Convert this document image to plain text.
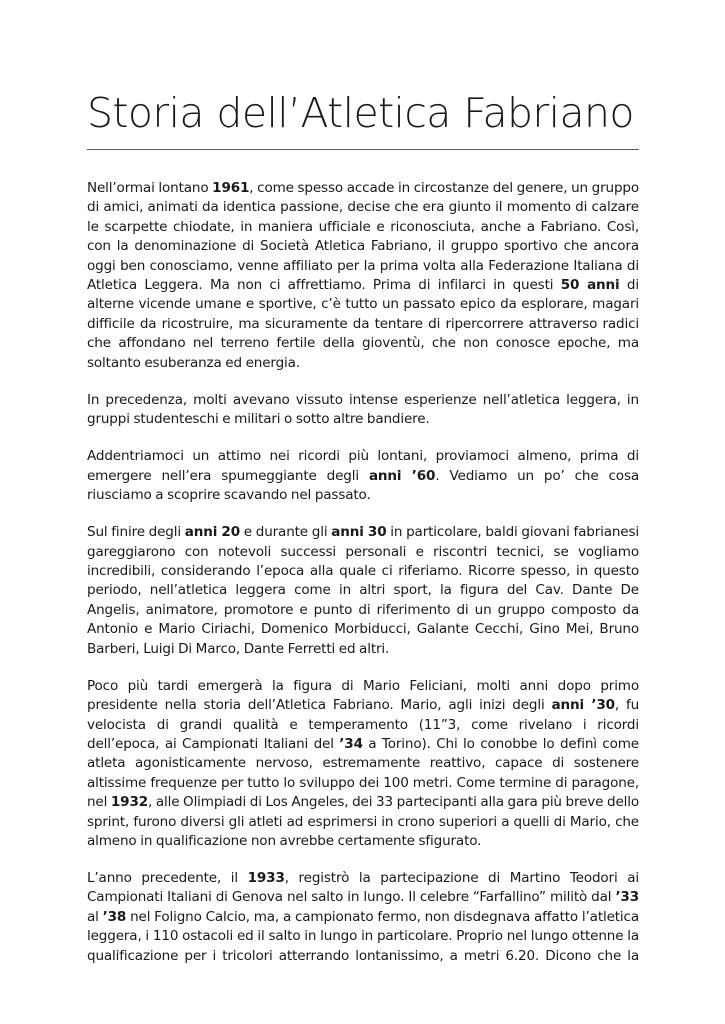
Storia dell’Atletica Fabriano

Nell’ormai lontano 1961, come spesso accade in circostanze del genere, un gruppo di amici, animati da identica passione, decise che era giunto il momento di calzare le scarpette chiodate, in maniera ufficiale e riconosciuta, anche a Fabriano. Così, con la denominazione di Società Atletica Fabriano, il gruppo sportivo che ancora oggi ben conosciamo, venne affiliato per la prima volta alla Federazione Italiana di Atletica Leggera. Ma non ci affrettiamo. Prima di infilarci in questi 50 anni di alterne vicende umane e sportive, c’è tutto un passato epico da esplorare, magari difficile da ricostruire, ma sicuramente da tentare di ripercorrere attraverso radici che affondano nel terreno fertile della gioventù, che non conosce epoche, ma soltanto esuberanza ed energia.

In precedenza, molti avevano vissuto intense esperienze nell’atletica leggera, in gruppi studenteschi e militari o sotto altre bandiere.

Addentriamoci un attimo nei ricordi più lontani, proviamoci almeno, prima di emergere nell’era spumeggiante degli anni ’60. Vediamo un po’ che cosa riusciamo a scoprire scavando nel passato.

Sul finire degli anni 20 e durante gli anni 30 in particolare, baldi giovani fabrianesi gareggiarono con notevoli successi personali e riscontri tecnici, se vogliamo incredibili, considerando l’epoca alla quale ci riferiamo. Ricorre spesso, in questo periodo, nell’atletica leggera come in altri sport, la figura del Cav. Dante De Angelis, animatore, promotore e punto di riferimento di un gruppo composto da Antonio e Mario Ciriachi, Domenico Morbiducci, Galante Cecchi, Gino Mei, Bruno Barberi, Luigi Di Marco, Dante Ferretti ed altri.

Poco più tardi emergerà la figura di Mario Feliciani, molti anni dopo primo presidente nella storia dell’Atletica Fabriano. Mario, agli inizi degli anni ’30, fu velocista di grandi qualità e temperamento (11”3, come rivelano i ricordi dell’epoca, ai Campionati Italiani del ’34 a Torino). Chi lo conobbe lo definì come atleta agonisticamente nervoso, estremamente reattivo, capace di sostenere altissime frequenze per tutto lo sviluppo dei 100 metri. Come termine di paragone, nel 1932, alle Olimpiadi di Los Angeles, dei 33 partecipanti alla gara più breve dello sprint, furono diversi gli atleti ad esprimersi in crono superiori a quelli di Mario, che almeno in qualificazione non avrebbe certamente sfigurato.

L’anno precedente, il 1933, registrò la partecipazione di Martino Teodori ai Campionati Italiani di Genova nel salto in lungo. Il celebre “Farfallino” militò dal ’33 al ’38 nel Foligno Calcio, ma, a campionato fermo, non disdegnava affatto l’atletica leggera, i 110 ostacoli ed il salto in lungo in particolare. Proprio nel lungo ottenne la qualificazione per i tricolori atterrando lontanissimo, a metri 6.20. Dicono che la
